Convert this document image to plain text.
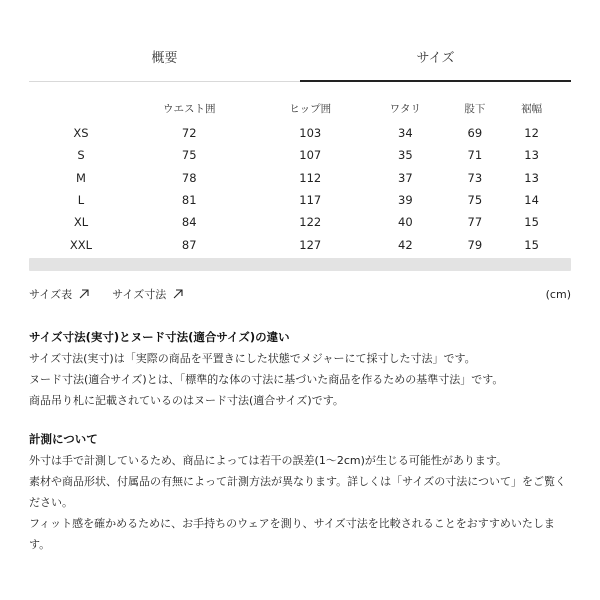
概要	サイズ
	ウエスト囲	ヒップ囲	ワタリ	股下	裾幅
XS	72	103	34	69	12
S	75	107	35	71	13
M	78	112	37	73	13
L	81	117	39	75	14
XL	84	122	40	77	15
XXL	87	127	42	79	15
サイズ表	サイズ寸法	(cm)
サイズ寸法(実寸)とヌード寸法(適合サイズ)の違い

サイズ寸法(実寸)は「実際の商品を平置きにした状態でメジャーにて採寸した寸法」です。

ヌード寸法(適合サイズ)とは、「標準的な体の寸法に基づいた商品を作るための基準寸法」です。

商品吊り札に記載されているのはヌード寸法(適合サイズ)です。

計測について

外寸は手で計測しているため、商品によっては若干の誤差(1〜2cm)が生じる可能性があります。

素材や商品形状、付属品の有無によって計測方法が異なります。詳しくは「サイズの寸法について」をご覧ください。

フィット感を確かめるために、お手持ちのウェアを測り、サイズ寸法を比較されることをおすすめいたします。
